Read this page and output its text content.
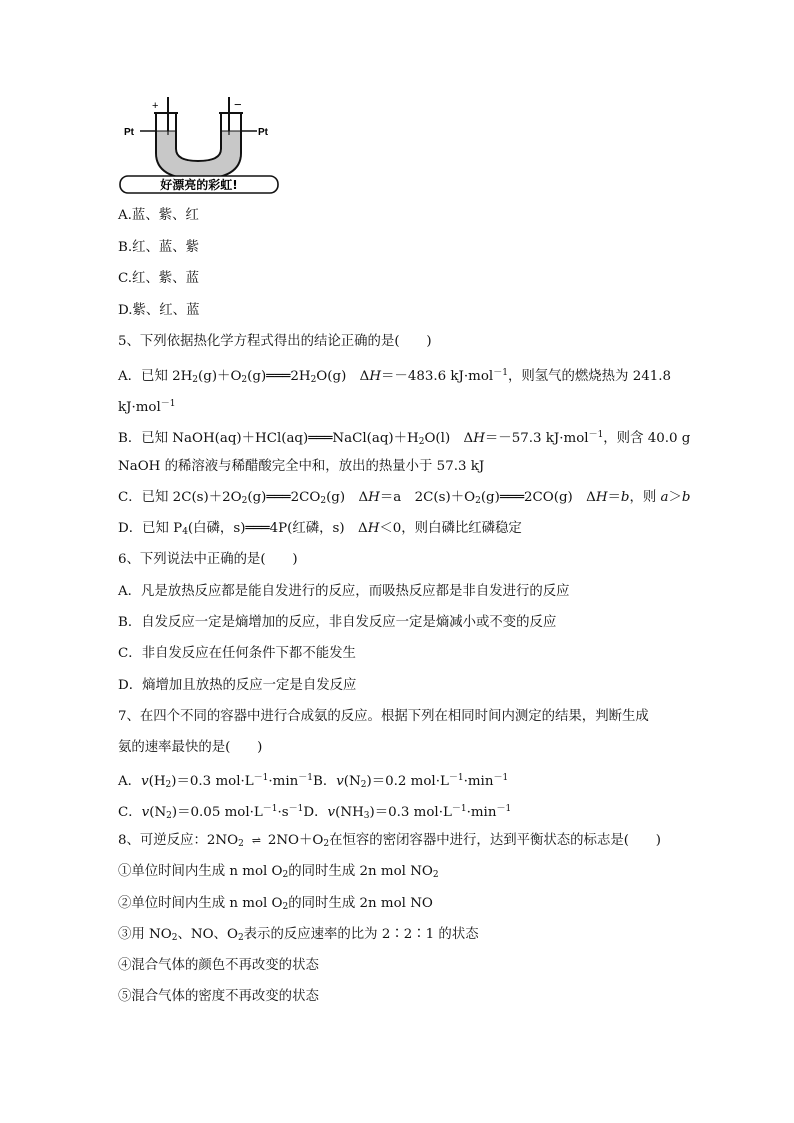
+	−
Pt	Pt
好漂亮的彩虹!
A.蓝、紫、红
B.红、蓝、紫
C.红、紫、蓝
D.紫、红、蓝
5、下列依据热化学方程式得出的结论正确的是(　　)
A．已知 $2H_2(g)+O_2(g)═══2H_2O(g)$　ΔH＝－483.6 kJ·mol$^{-1}$，则氢气的燃烧热为 241.8
kJ·mol$^{-1}$
B．已知 $NaOH(aq)+HCl(aq)═══NaCl(aq)+H_2O(l)$　ΔH＝－57.3 kJ·mol$^{-1}$，则含 40.0 g
NaOH 的稀溶液与稀醋酸完全中和，放出的热量小于 57.3 kJ
C．已知 $2C(s)+2O_2(g)═══2CO_2(g)$　ΔH＝a　$2C(s)+O_2(g)═══2CO(g)$　ΔH＝b，则 a＞b
D．已知 $P_4$(白磷，s)═══4P(红磷，s)　ΔH＜0，则白磷比红磷稳定
6、下列说法中正确的是(　　)
A．凡是放热反应都是能自发进行的反应，而吸热反应都是非自发进行的反应
B．自发反应一定是熵增加的反应，非自发反应一定是熵减小或不变的反应
C．非自发反应在任何条件下都不能发生
D．熵增加且放热的反应一定是自发反应
7、在四个不同的容器中进行合成氨的反应。根据下列在相同时间内测定的结果，判断生成
氨的速率最快的是(　　)
A．$v(H_2)=0.3$ $mol\cdot L^{-1}\cdot\min^{-1}B$．$v(N_2)=0.2$ $mol\cdot L^{-1}\cdot\min^{-1}$
C．$v(N_2)=0.05$ $mol\cdot L^{-1}\cdot s^{-1}D$．$v(NH_3)=0.3$ $mol\cdot L^{-1}\cdot\min^{-1}$
8、可逆反应：$2NO_2$ ⇌ $2NO+O_2$在恒容的密闭容器中进行，达到平衡状态的标志是(　　)
①单位时间内生成 n mol $O_2$的同时生成 2n mol $NO_2$
②单位时间内生成 n mol $O_2$的同时生成 2n mol NO
③用 $NO_2$、NO、$O_2$表示的反应速率的比为 2∶2∶1 的状态
④混合气体的颜色不再改变的状态
⑤混合气体的密度不再改变的状态
